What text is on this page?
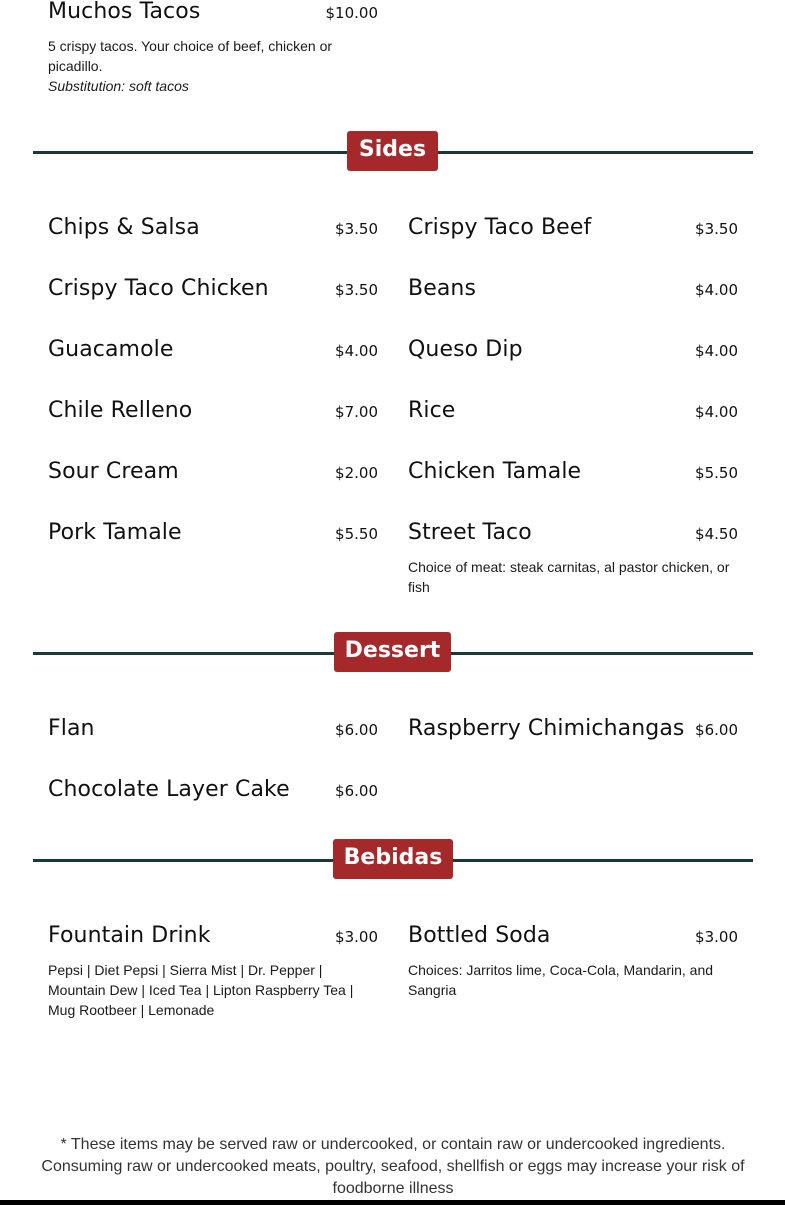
Muchos Tacos	$10.00
5 crispy tacos. Your choice of beef, chicken or picadillo.
Substitution: soft tacos
Sides
Chips & Salsa	$3.50 Crispy Taco Beef	$3.50
Crispy Taco Chicken	$3.50 Beans	$4.00
Guacamole	$4.00 Queso Dip	$4.00
Chile Relleno	$7.00 Rice	$4.00
Sour Cream	$2.00 Chicken Tamale	$5.50
Pork Tamale	$5.50 Street Taco	$4.50
Choice of meat: steak carnitas, al pastor chicken, or fish
Dessert
Flan	$6.00 Raspberry Chimichangas $6.00
Chocolate Layer Cake	$6.00
Bebidas
Fountain Drink	$3.00
Pepsi | Diet Pepsi | Sierra Mist | Dr. Pepper | Mountain Dew | Iced Tea | Lipton Raspberry Tea | Mug Rootbeer | Lemonade
Bottled Soda	$3.00
Choices: Jarritos lime, Coca-Cola, Mandarin, and Sangria
* These items may be served raw or undercooked, or contain raw or undercooked ingredients. Consuming raw or undercooked meats, poultry, seafood, shellfish or eggs may increase your risk of foodborne illness
